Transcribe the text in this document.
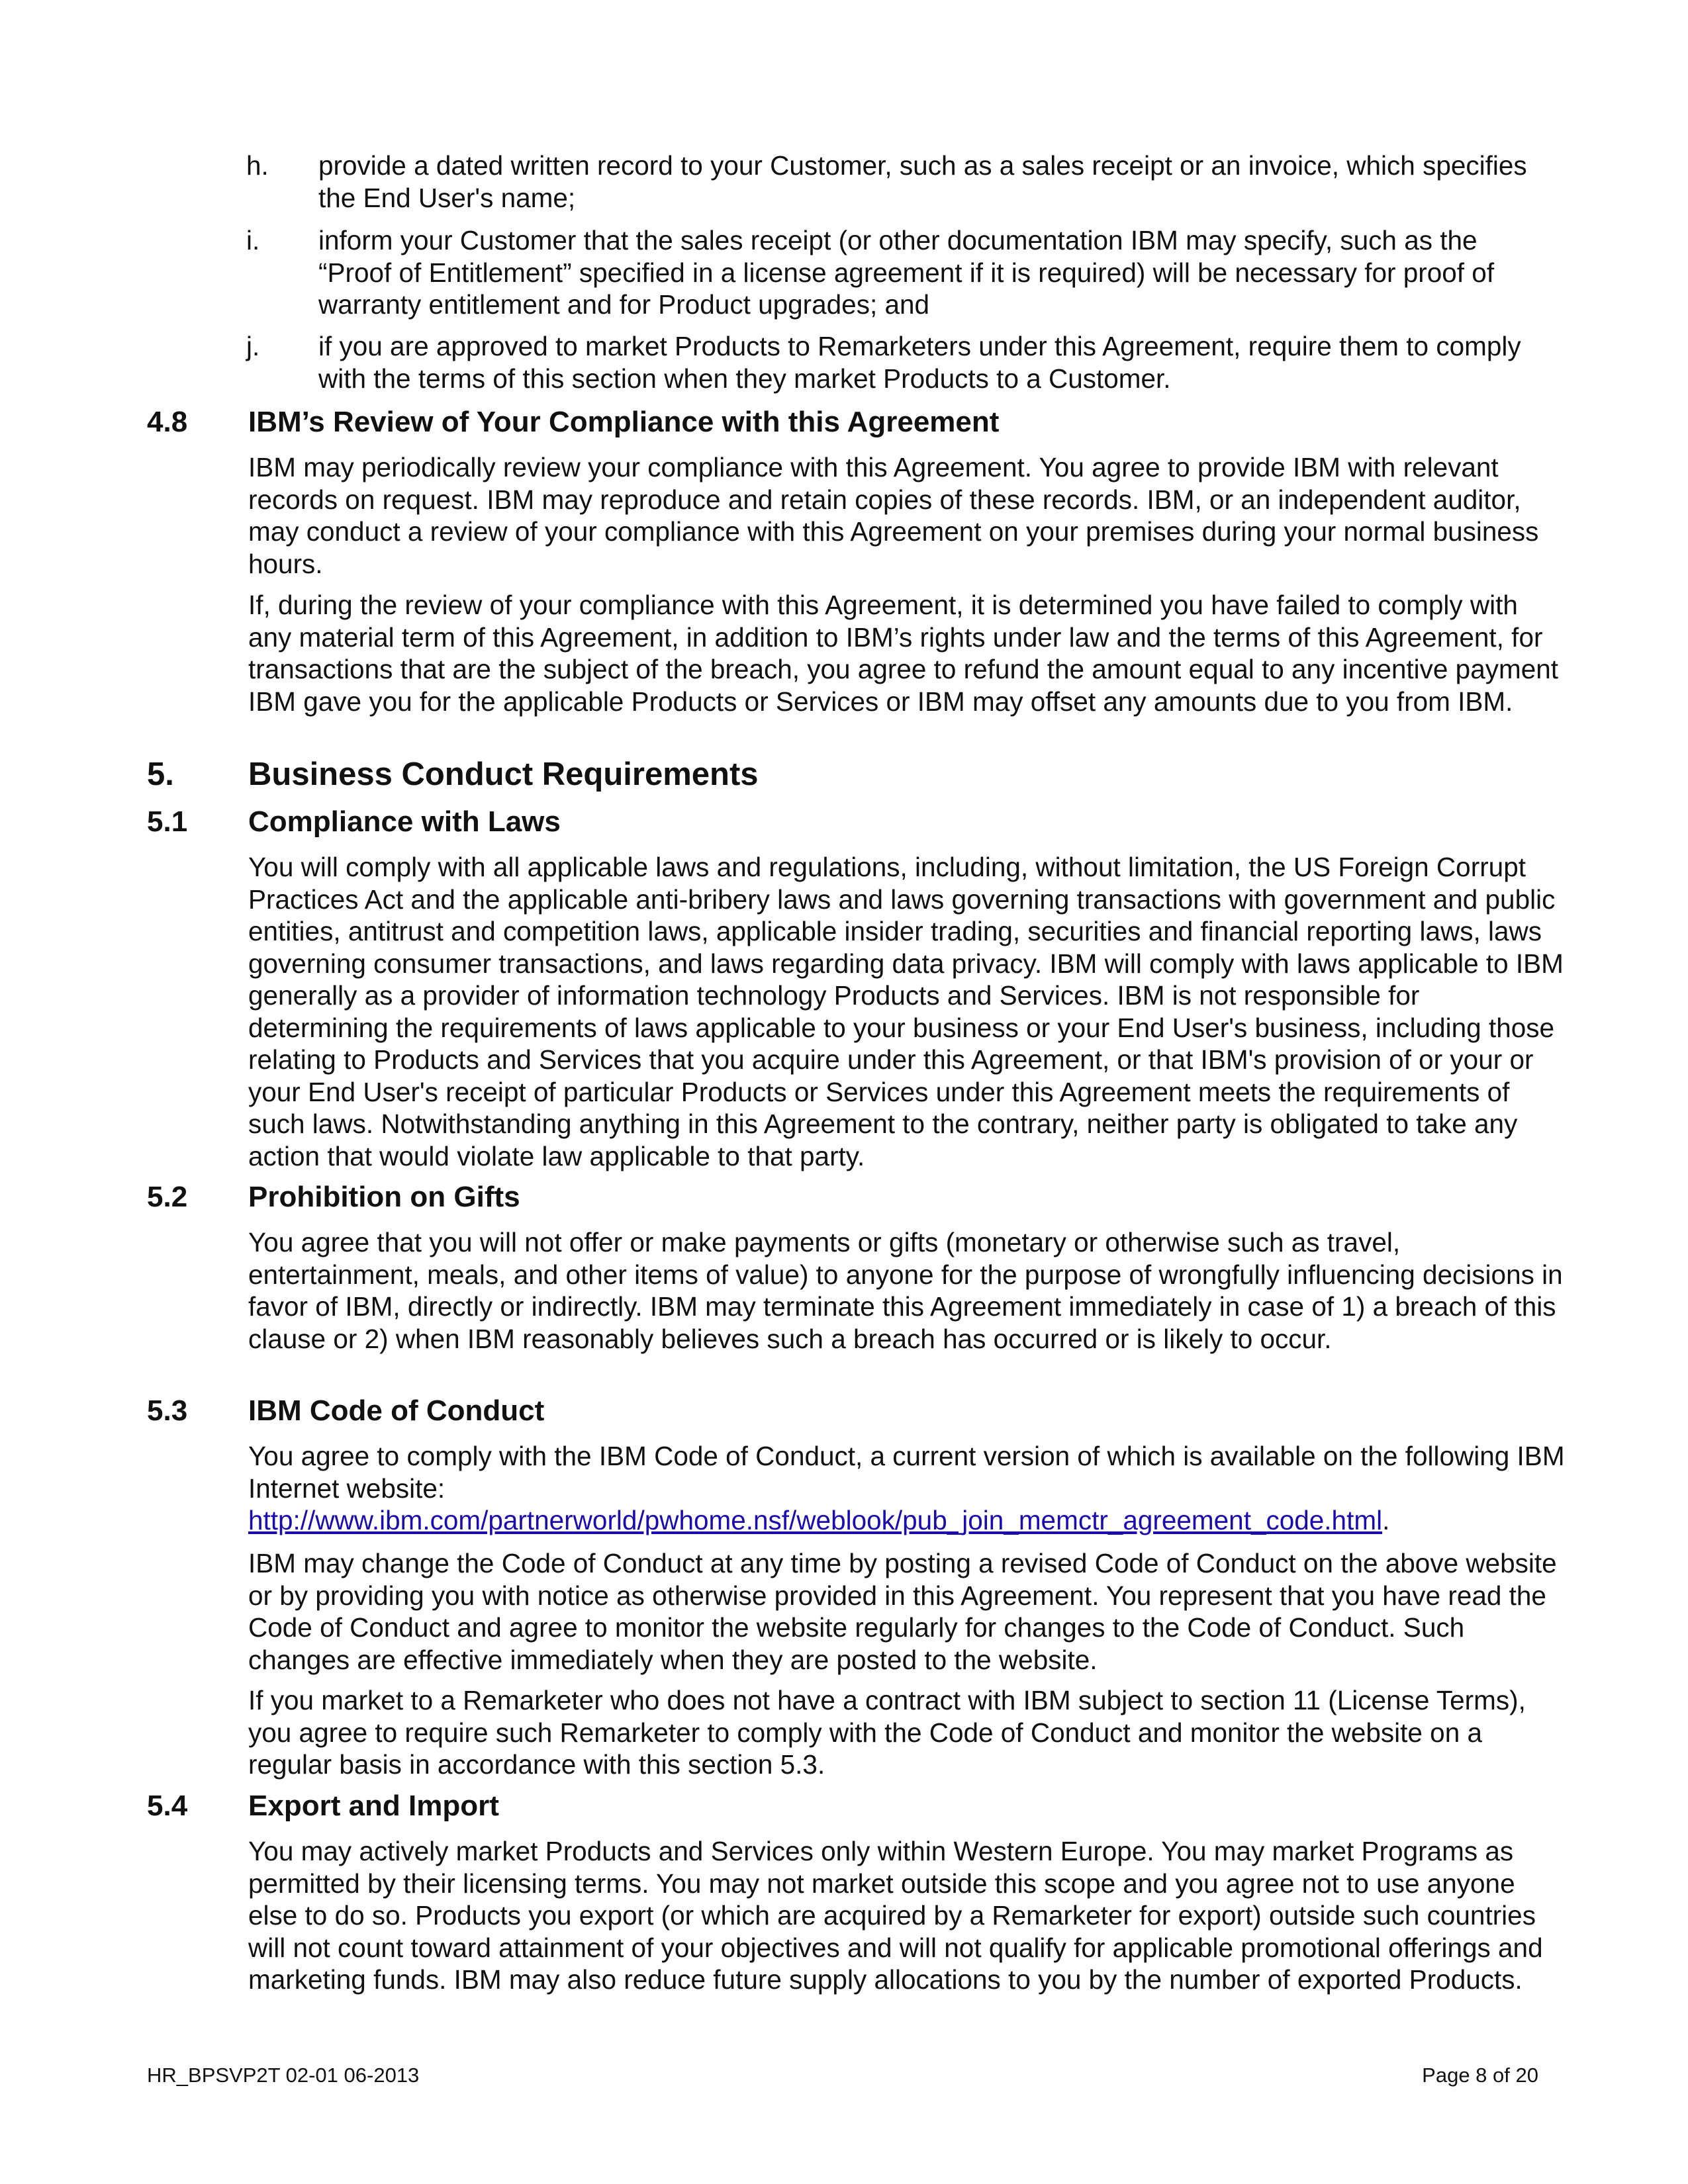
h. provide a dated written record to your Customer, such as a sales receipt or an invoice, which specifies the End User's name;
i. inform your Customer that the sales receipt (or other documentation IBM may specify, such as the “Proof of Entitlement” specified in a license agreement if it is required) will be necessary for proof of warranty entitlement and for Product upgrades; and
j. if you are approved to market Products to Remarketers under this Agreement, require them to comply with the terms of this section when they market Products to a Customer.
4.8 IBM’s Review of Your Compliance with this Agreement

IBM may periodically review your compliance with this Agreement. You agree to provide IBM with relevant records on request. IBM may reproduce and retain copies of these records. IBM, or an independent auditor, may conduct a review of your compliance with this Agreement on your premises during your normal business hours.

If, during the review of your compliance with this Agreement, it is determined you have failed to comply with any material term of this Agreement, in addition to IBM’s rights under law and the terms of this Agreement, for transactions that are the subject of the breach, you agree to refund the amount equal to any incentive payment IBM gave you for the applicable Products or Services or IBM may offset any amounts due to you from IBM.

5. Business Conduct Requirements
5.1 Compliance with Laws

You will comply with all applicable laws and regulations, including, without limitation, the US Foreign Corrupt Practices Act and the applicable anti-bribery laws and laws governing transactions with government and public entities, antitrust and competition laws, applicable insider trading, securities and financial reporting laws, laws governing consumer transactions, and laws regarding data privacy. IBM will comply with laws applicable to IBM generally as a provider of information technology Products and Services. IBM is not responsible for determining the requirements of laws applicable to your business or your End User's business, including those relating to Products and Services that you acquire under this Agreement, or that IBM's provision of or your or your End User's receipt of particular Products or Services under this Agreement meets the requirements of such laws. Notwithstanding anything in this Agreement to the contrary, neither party is obligated to take any action that would violate law applicable to that party.

5.2 Prohibition on Gifts

You agree that you will not offer or make payments or gifts (monetary or otherwise such as travel, entertainment, meals, and other items of value) to anyone for the purpose of wrongfully influencing decisions in favor of IBM, directly or indirectly. IBM may terminate this Agreement immediately in case of 1) a breach of this clause or 2) when IBM reasonably believes such a breach has occurred or is likely to occur.

5.3 IBM Code of Conduct

You agree to comply with the IBM Code of Conduct, a current version of which is available on the following IBM Internet website:
http://www.ibm.com/partnerworld/pwhome.nsf/weblook/pub_join_memctr_agreement_code.html.

IBM may change the Code of Conduct at any time by posting a revised Code of Conduct on the above website or by providing you with notice as otherwise provided in this Agreement. You represent that you have read the Code of Conduct and agree to monitor the website regularly for changes to the Code of Conduct. Such changes are effective immediately when they are posted to the website.

If you market to a Remarketer who does not have a contract with IBM subject to section 11 (License Terms), you agree to require such Remarketer to comply with the Code of Conduct and monitor the website on a regular basis in accordance with this section 5.3.

5.4 Export and Import

You may actively market Products and Services only within Western Europe. You may market Programs as permitted by their licensing terms. You may not market outside this scope and you agree not to use anyone else to do so. Products you export (or which are acquired by a Remarketer for export) outside such countries will not count toward attainment of your objectives and will not qualify for applicable promotional offerings and marketing funds. IBM may also reduce future supply allocations to you by the number of exported Products.

HR_BPSVP2T 02-01 06-2013	Page 8 of 20
